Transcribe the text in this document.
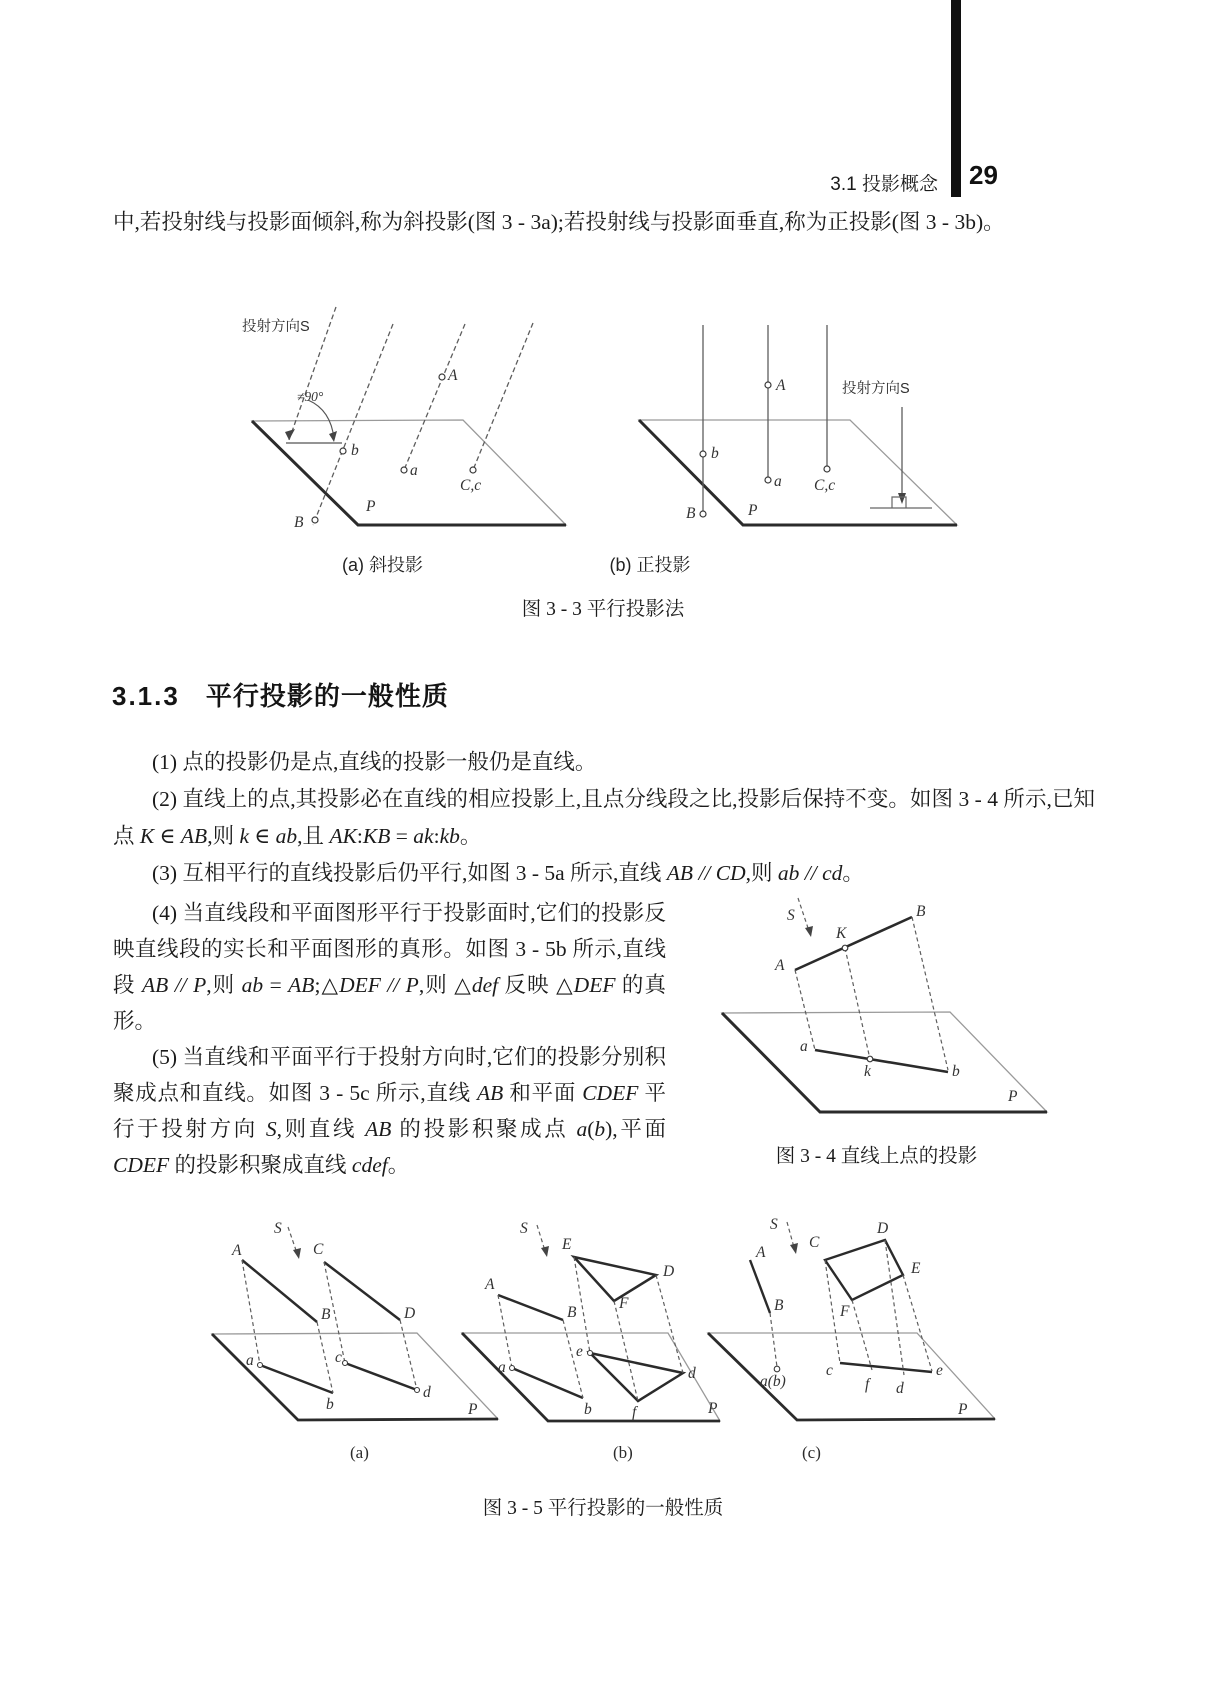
3.1 投影概念 29

中,若投射线与投影面倾斜,称为斜投影(图 3 - 3a);若投射线与投影面垂直,称为正投影(图 3 - 3b)。

投射方向S
≠90°
A
b
a
C,c
B
P
投射方向S
A
b
a C,c
B	P
(a) 斜投影	(b) 正投影
图 3 - 3 平行投影法
3.1.3 平行投影的一般性质

(1) 点的投影仍是点,直线的投影一般仍是直线。

(2) 直线上的点,其投影必在直线的相应投影上,且点分线段之比,投影后保持不变。如图 3 - 4 所示,已知点 K ∈ AB,则 k ∈ ab,且 AK:KB = ak:kb。

(3) 互相平行的直线投影后仍平行,如图 3 - 5a 所示,直线 AB // CD,则 ab // cd。

(4) 当直线段和平面图形平行于投影面时,它们的投影反映直线段的实长和平面图形的真形。如图 3 - 5b 所示,直线段 AB // P,则 ab = AB;△DEF // P,则 △def 反映 △DEF 的真形。

(5) 当直线和平面平行于投射方向时,它们的投影分别积聚成点和直线。如图 3 - 5c 所示,直线 AB 和平面 CDEF 平行于投射方向 S,则直线 AB 的投影积聚成点 a(b),平面 CDEF 的投影积聚成直线 cdef。

S
K
A
B
a
k	b
P
图 3 - 4 直线上点的投影
S
A
B
C
D
a
b
c
d
P
(a)
S
A
B
E
D
F
a
b
e
f
d
P
(b)
S
A
B
a(b)
C
D
E
F
c
f d
e
P
(c)
图 3 - 5 平行投影的一般性质
